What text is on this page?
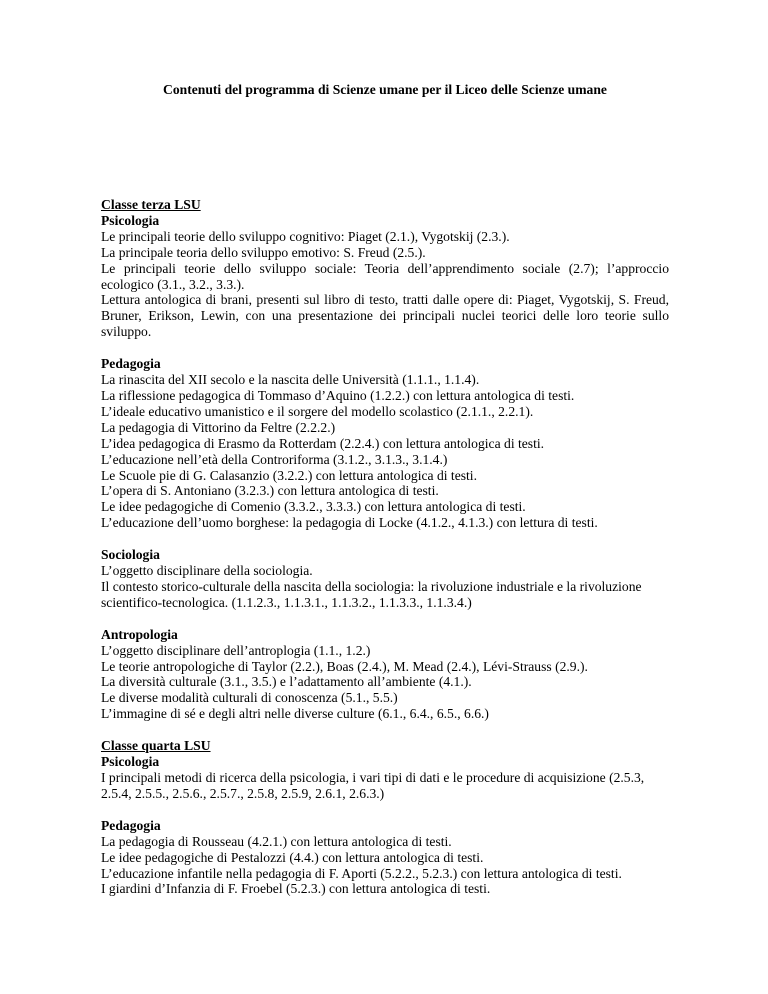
Contenuti del programma di Scienze umane per il Liceo delle Scienze umane
Classe terza LSU
Psicologia
Le principali teorie dello sviluppo cognitivo: Piaget (2.1.), Vygotskij (2.3.).
La principale teoria dello sviluppo emotivo: S. Freud (2.5.).
Le principali teorie dello sviluppo sociale: Teoria dell’apprendimento sociale (2.7); l’approccio ecologico (3.1., 3.2., 3.3.).
Lettura antologica di brani, presenti sul libro di testo, tratti dalle opere di: Piaget, Vygotskij, S. Freud, Bruner, Erikson, Lewin, con una presentazione dei principali nuclei teorici delle loro teorie sullo sviluppo.
Pedagogia
La rinascita del XII secolo e la nascita delle Università (1.1.1., 1.1.4).
La riflessione pedagogica di Tommaso d’Aquino (1.2.2.) con lettura antologica di testi.
L’ideale educativo umanistico e il sorgere del modello scolastico (2.1.1., 2.2.1).
La pedagogia di Vittorino da Feltre (2.2.2.)
L’idea pedagogica di Erasmo da Rotterdam (2.2.4.) con lettura antologica di testi.
L’educazione nell’età della Controriforma (3.1.2., 3.1.3., 3.1.4.)
Le Scuole pie di G. Calasanzio (3.2.2.) con lettura antologica di testi.
L’opera di S. Antoniano (3.2.3.) con lettura antologica di testi.
Le idee pedagogiche di Comenio (3.3.2., 3.3.3.) con lettura antologica di testi.
L’educazione dell’uomo borghese: la pedagogia di Locke (4.1.2., 4.1.3.) con lettura di testi.
Sociologia
L’oggetto disciplinare della sociologia.
Il contesto storico-culturale della nascita della sociologia: la rivoluzione industriale e la rivoluzione
scientifico-tecnologica. (1.1.2.3., 1.1.3.1., 1.1.3.2., 1.1.3.3., 1.1.3.4.)
Antropologia
L’oggetto disciplinare dell’antroplogia (1.1., 1.2.)
Le teorie antropologiche di Taylor (2.2.), Boas (2.4.), M. Mead (2.4.), Lévi-Strauss (2.9.).
La diversità culturale (3.1., 3.5.) e l’adattamento all’ambiente (4.1.).
Le diverse modalità culturali di conoscenza (5.1., 5.5.)
L’immagine di sé e degli altri nelle diverse culture (6.1., 6.4., 6.5., 6.6.)
Classe quarta LSU
Psicologia
I principali metodi di ricerca della psicologia, i vari tipi di dati e le procedure di acquisizione (2.5.3,
2.5.4, 2.5.5., 2.5.6., 2.5.7., 2.5.8, 2.5.9, 2.6.1, 2.6.3.)
Pedagogia
La pedagogia di Rousseau (4.2.1.) con lettura antologica di testi.
Le idee pedagogiche di Pestalozzi (4.4.) con lettura antologica di testi.
L’educazione infantile nella pedagogia di F. Aporti (5.2.2., 5.2.3.) con lettura antologica di testi.
I giardini d’Infanzia di F. Froebel (5.2.3.) con lettura antologica di testi.
